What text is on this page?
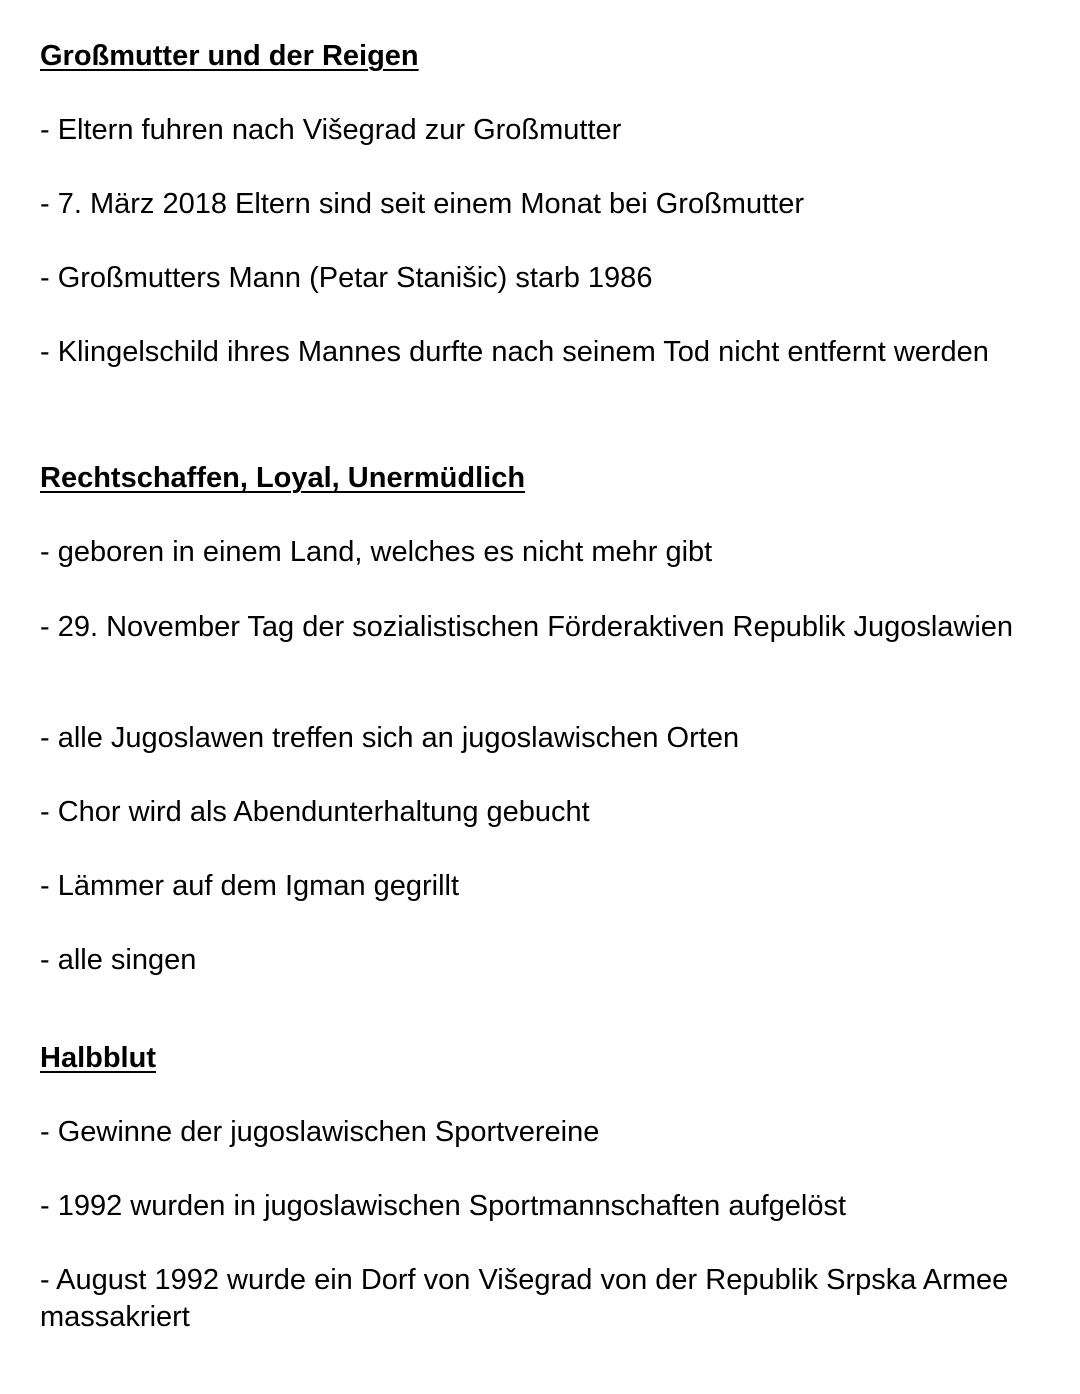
Großmutter und der Reigen

- Eltern fuhren nach Višegrad zur Großmutter

- 7. März 2018 Eltern sind seit einem Monat bei Großmutter

- Großmutters Mann (Petar Stanišic) starb 1986

- Klingelschild ihres Mannes durfte nach seinem Tod nicht entfernt werden

Rechtschaffen, Loyal, Unermüdlich

- geboren in einem Land, welches es nicht mehr gibt

- 29. November Tag der sozialistischen Förderaktiven Republik Jugoslawien

- alle Jugoslawen treffen sich an jugoslawischen Orten

- Chor wird als Abendunterhaltung gebucht

- Lämmer auf dem Igman gegrillt

- alle singen

Halbblut

- Gewinne der jugoslawischen Sportvereine

- 1992 wurden in jugoslawischen Sportmannschaften aufgelöst

- August 1992 wurde ein Dorf von Višegrad von der Republik Srpska Armee massakriert
